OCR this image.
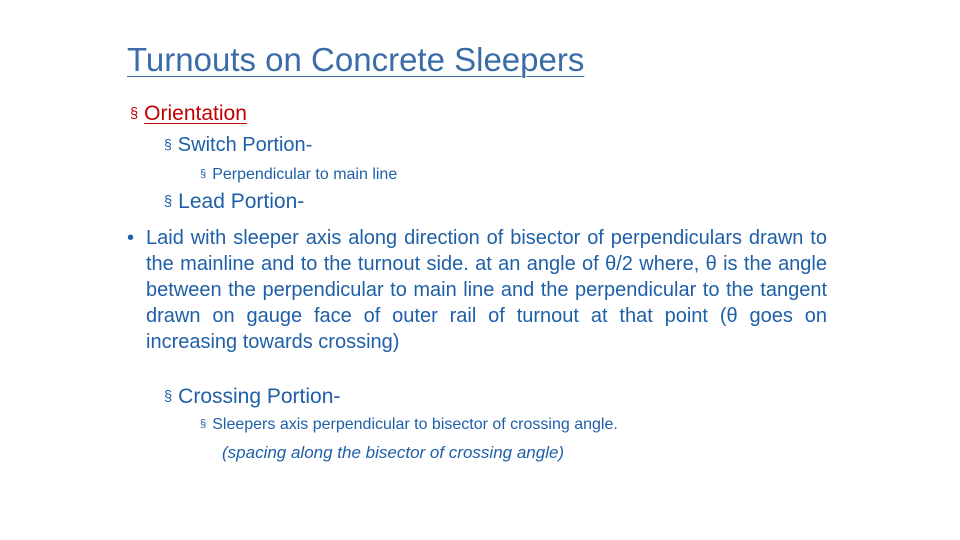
Turnouts on Concrete Sleepers
§ Orientation
§ Switch Portion-
§ Perpendicular to main line
§ Lead Portion-
• Laid with sleeper axis along direction of bisector of perpendiculars drawn to the mainline and to the turnout side. at an angle of θ/2 where, θ is the angle between the perpendicular to main line and the perpendicular to the tangent drawn on gauge face of outer rail of turnout at that point (θ goes on increasing towards crossing)
§ Crossing Portion-
§ Sleepers axis perpendicular to bisector of crossing angle.
(spacing along the bisector of crossing angle)
